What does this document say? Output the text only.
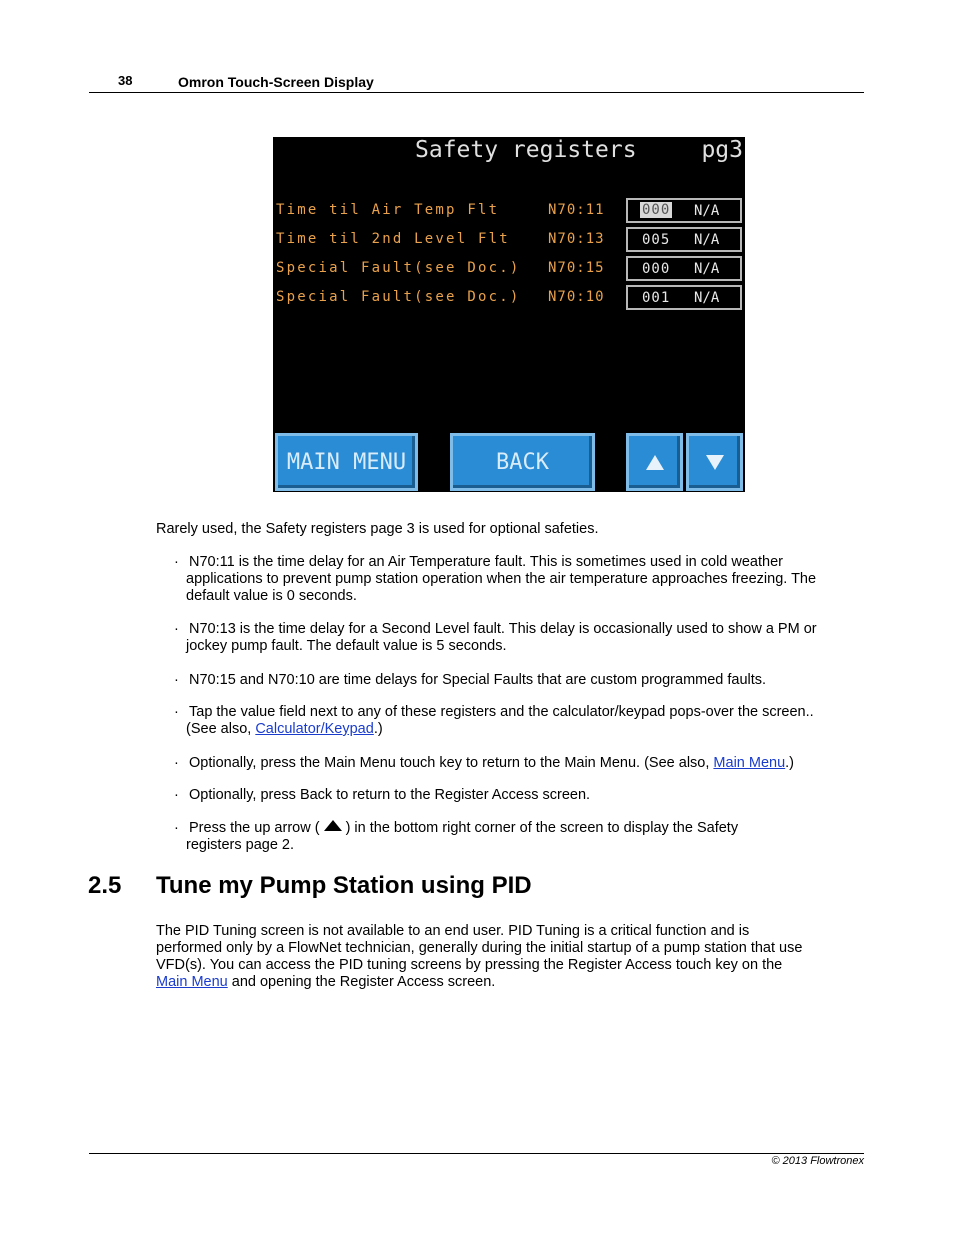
38	Omron Touch-Screen Display
Safety registers	pg3
Time til Air Temp Flt	N70:11	000 N/A
Time til 2nd Level Flt	N70:13	005 N/A
Special Fault(see Doc.) N70:15	000 N/A
Special Fault(see Doc.) N70:10	001 N/A
MAIN MENU	BACK
Rarely used, the Safety registers page 3 is used for optional safeties.
· N70:11 is the time delay for an Air Temperature fault. This is sometimes used in cold weather
applications to prevent pump station operation when the air temperature approaches freezing. The
default value is 0 seconds.
· N70:13 is the time delay for a Second Level fault. This delay is occasionally used to show a PM or
jockey pump fault. The default value is 5 seconds.
· N70:15 and N70:10 are time delays for Special Faults that are custom programmed faults.
· Tap the value field next to any of these registers and the calculator/keypad pops-over the screen..
(See also, Calculator/Keypad.)
· Optionally, press the Main Menu touch key to return to the Main Menu. (See also, Main Menu.)
· Optionally, press Back to return to the Register Access screen.
· Press the up arrow ( ) in the bottom right corner of the screen to display the Safety
registers page 2.
2.5 Tune my Pump Station using PID
The PID Tuning screen is not available to an end user. PID Tuning is a critical function and is
performed only by a FlowNet technician, generally during the initial startup of a pump station that use
VFD(s). You can access the PID tuning screens by pressing the Register Access touch key on the
Main Menu and opening the Register Access screen.
© 2013 Flowtronex
